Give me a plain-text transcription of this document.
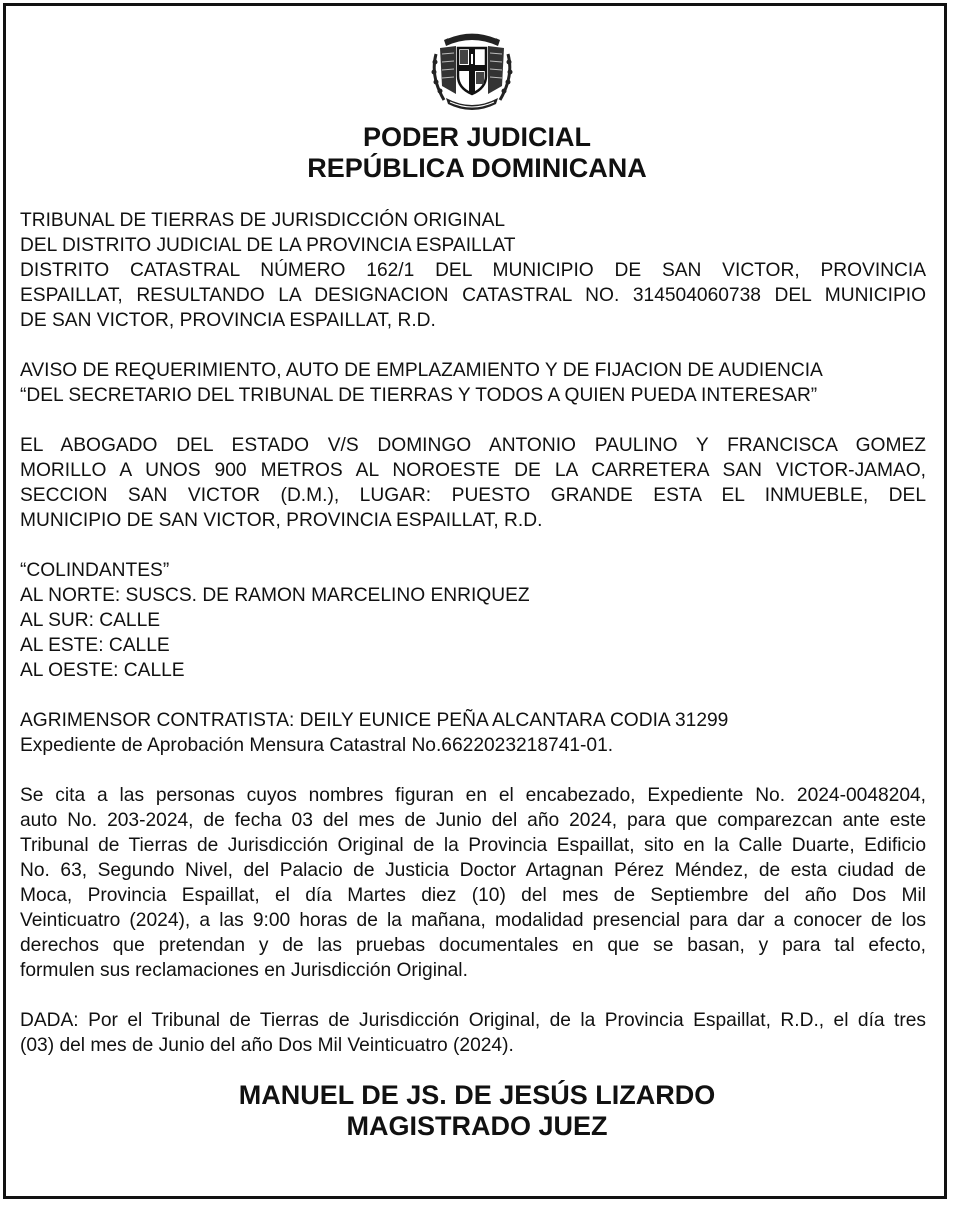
PODER JUDICIAL
REPÚBLICA DOMINICANA
TRIBUNAL DE TIERRAS DE JURISDICCIÓN ORIGINAL
DEL DISTRITO JUDICIAL DE LA PROVINCIA ESPAILLAT
DISTRITO CATASTRAL NÚMERO 162/1 DEL MUNICIPIO DE SAN VICTOR, PROVINCIA
ESPAILLAT, RESULTANDO LA DESIGNACION CATASTRAL NO. 314504060738 DEL MUNICIPIO
DE SAN VICTOR, PROVINCIA ESPAILLAT, R.D.
AVISO DE REQUERIMIENTO, AUTO DE EMPLAZAMIENTO Y DE FIJACION DE AUDIENCIA
“DEL SECRETARIO DEL TRIBUNAL DE TIERRAS Y TODOS A QUIEN PUEDA INTERESAR”
EL ABOGADO DEL ESTADO V/S DOMINGO ANTONIO PAULINO Y FRANCISCA GOMEZ
MORILLO A UNOS 900 METROS AL NOROESTE DE LA CARRETERA SAN VICTOR-JAMAO,
SECCION SAN VICTOR (D.M.), LUGAR: PUESTO GRANDE ESTA EL INMUEBLE, DEL
MUNICIPIO DE SAN VICTOR, PROVINCIA ESPAILLAT, R.D.
“COLINDANTES”
AL NORTE: SUSCS. DE RAMON MARCELINO ENRIQUEZ
AL SUR: CALLE
AL ESTE: CALLE
AL OESTE: CALLE
AGRIMENSOR CONTRATISTA: DEILY EUNICE PEÑA ALCANTARA CODIA 31299
Expediente de Aprobación Mensura Catastral No.6622023218741-01.
Se cita a las personas cuyos nombres figuran en el encabezado, Expediente No. 2024-0048204,
auto No. 203-2024, de fecha 03 del mes de Junio del año 2024, para que comparezcan ante este
Tribunal de Tierras de Jurisdicción Original de la Provincia Espaillat, sito en la Calle Duarte, Edificio
No. 63, Segundo Nivel, del Palacio de Justicia Doctor Artagnan Pérez Méndez, de esta ciudad de
Moca, Provincia Espaillat, el día Martes diez (10) del mes de Septiembre del año Dos Mil
Veinticuatro (2024), a las 9:00 horas de la mañana, modalidad presencial para dar a conocer de los
derechos que pretendan y de las pruebas documentales en que se basan, y para tal efecto,
formulen sus reclamaciones en Jurisdicción Original.
DADA: Por el Tribunal de Tierras de Jurisdicción Original, de la Provincia Espaillat, R.D., el día tres
(03) del mes de Junio del año Dos Mil Veinticuatro (2024).
MANUEL DE JS. DE JESÚS LIZARDO
MAGISTRADO JUEZ
